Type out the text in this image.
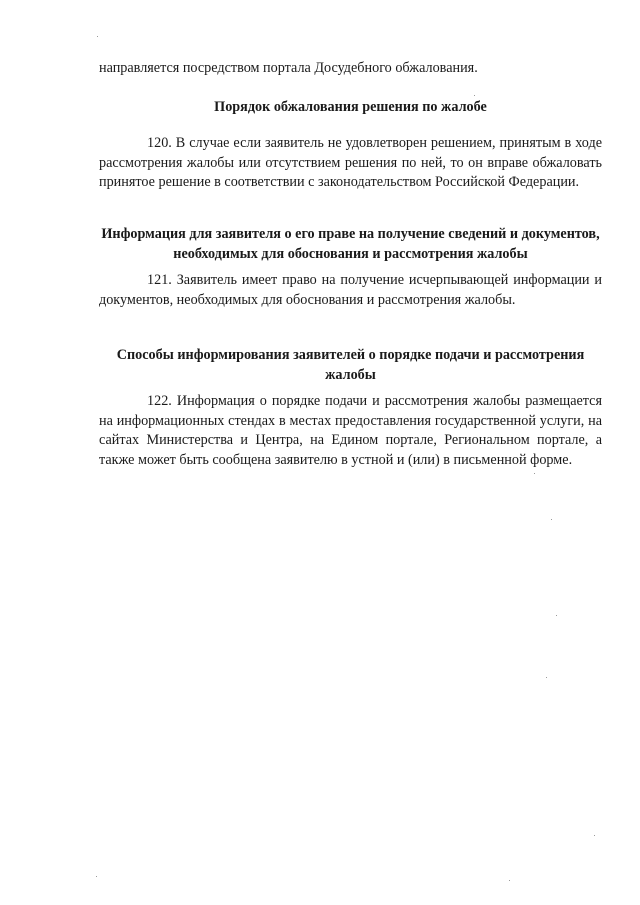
направляется посредством портала Досудебного обжалования.
Порядок обжалования решения по жалобе
120. В случае если заявитель не удовлетворен решением, принятым в ходе рассмотрения жалобы или отсутствием решения по ней, то он вправе обжаловать принятое решение в соответствии с законодательством Российской Федерации.
Информация для заявителя о его праве на получение сведений и документов, необходимых для обоснования и рассмотрения жалобы
121. Заявитель имеет право на получение исчерпывающей информации и документов, необходимых для обоснования и рассмотрения жалобы.
Способы информирования заявителей о порядке подачи и рассмотрения жалобы
122. Информация о порядке подачи и рассмотрения жалобы размещается на информационных стендах в местах предоставления государственной услуги, на сайтах Министерства и Центра, на Едином портале, Региональном портале, а также может быть сообщена заявителю в устной и (или) в письменной форме.
